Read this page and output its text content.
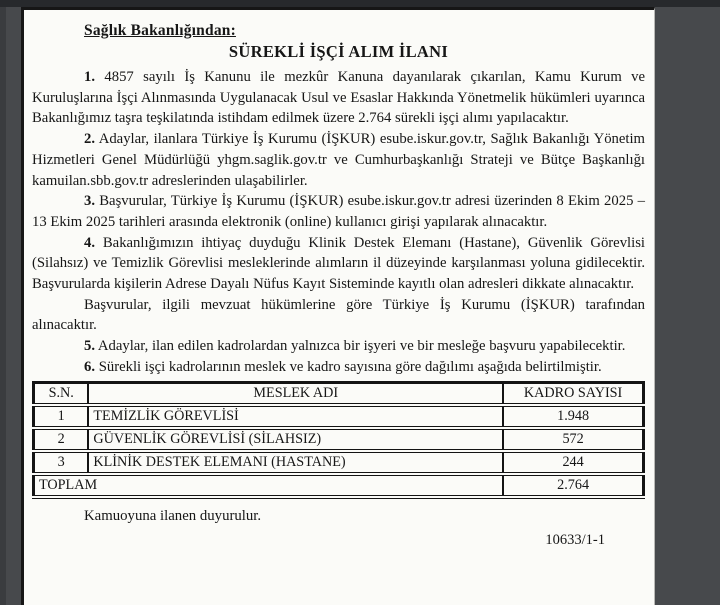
Sağlık Bakanlığından:
SÜREKLİ İŞÇİ ALIM İLANI

1. 4857 sayılı İş Kanunu ile mezkûr Kanuna dayanılarak çıkarılan, Kamu Kurum ve Kuruluşlarına İşçi Alınmasında Uygulanacak Usul ve Esaslar Hakkında Yönetmelik hükümleri uyarınca Bakanlığımız taşra teşkilatında istihdam edilmek üzere 2.764 sürekli işçi alımı yapılacaktır.

2. Adaylar, ilanlara Türkiye İş Kurumu (İŞKUR) esube.iskur.gov.tr, Sağlık Bakanlığı Yönetim Hizmetleri Genel Müdürlüğü yhgm.saglik.gov.tr ve Cumhurbaşkanlığı Strateji ve Bütçe Başkanlığı kamuilan.sbb.gov.tr adreslerinden ulaşabilirler.

3. Başvurular, Türkiye İş Kurumu (İŞKUR) esube.iskur.gov.tr adresi üzerinden 8 Ekim 2025 – 13 Ekim 2025 tarihleri arasında elektronik (online) kullanıcı girişi yapılarak alınacaktır.

4. Bakanlığımızın ihtiyaç duyduğu Klinik Destek Elemanı (Hastane), Güvenlik Görevlisi (Silahsız) ve Temizlik Görevlisi mesleklerinde alımların il düzeyinde karşılanması yoluna gidilecektir. Başvurularda kişilerin Adrese Dayalı Nüfus Kayıt Sisteminde kayıtlı olan adresleri dikkate alınacaktır.

Başvurular, ilgili mevzuat hükümlerine göre Türkiye İş Kurumu (İŞKUR) tarafından alınacaktır.

5. Adaylar, ilan edilen kadrolardan yalnızca bir işyeri ve bir mesleğe başvuru yapabilecektir.

6. Sürekli işçi kadrolarının meslek ve kadro sayısına göre dağılımı aşağıda belirtilmiştir.

S.N.	MESLEK ADI	KADRO SAYISI
1	TEMİZLİK GÖREVLİSİ	1.948
2	GÜVENLİK GÖREVLİSİ (SİLAHSIZ)	572
3	KLİNİK DESTEK ELEMANI (HASTANE)	244
TOPLAM		2.764

Kamuoyuna ilanen duyurulur.

10633/1-1
